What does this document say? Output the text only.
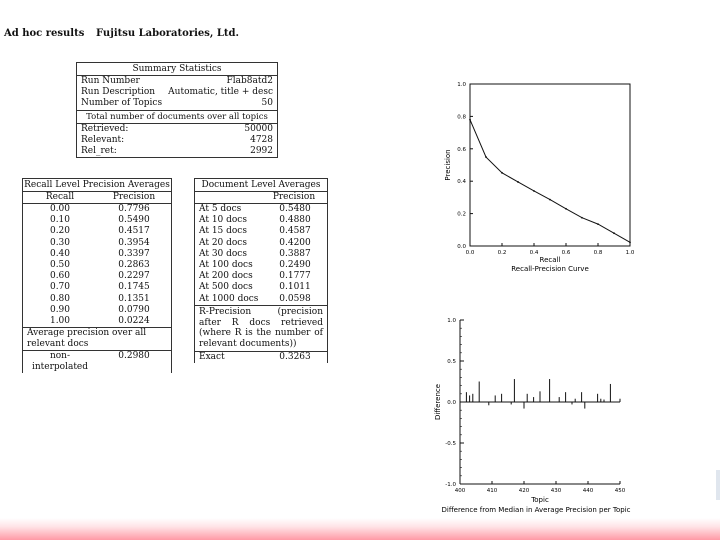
Ad hoc results Fujitsu Laboratories, Ltd.
Summary Statistics
Run Number	Flab8atd2
Run Description Automatic, title + desc
Number of Topics	50
Total number of documents over all topics
Retrieved:	50000
Relevant:	4728
Rel_ret:	2992
Recall Level Precision Averages
Recall	Precision
0.00	0.7796
0.10	0.5490
0.20	0.4517
0.30	0.3954
0.40	0.3397
0.50	0.2863
0.60	0.2297
0.70	0.1745
0.80	0.1351
0.90	0.0790
1.00	0.0224
Average precision over all relevant docs
non-interpolated
0.2980
Document Level Averages
Precision
At 5 docs	0.5480
At 10 docs	0.4880
At 15 docs	0.4587
At 20 docs	0.4200
At 30 docs	0.3887
At 100 docs	0.2490
At 200 docs	0.1777
At 500 docs	0.1011
At 1000 docs	0.0598
R-Precision (precision after R docs retrieved (where R is the number of relevant documents))
Exact	0.3263
0.0	0.2	0.4	0.6	0.8	1.0
0.0
0.2
0.4
0.6
0.8
1.0
Recall
Precision
Recall-Precision Curve
1.0
0.5
0.0
-0.5
-1.0
400	410	420	430	440	450
Topic
Difference
Difference from Median in Average Precision per Topic
